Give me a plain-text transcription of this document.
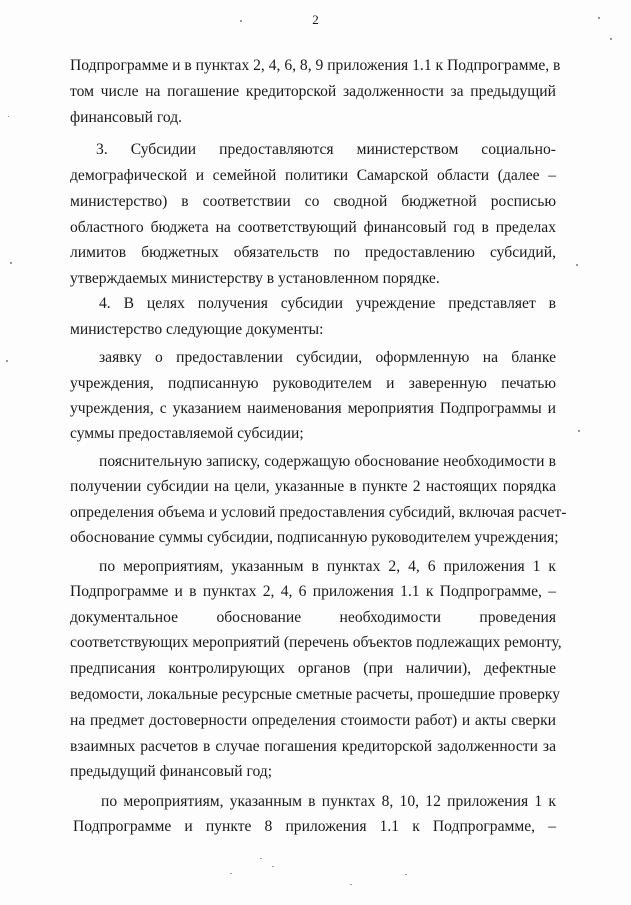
2
Подпрограмме и в пунктах 2, 4, 6, 8, 9 приложения 1.1 к Подпрограмме, в
том числе на погашение кредиторской задолженности за предыдущий
финансовый год.
3. Субсидии предоставляются министерством социально-
демографической и семейной политики Самарской области (далее –
министерство) в соответствии со сводной бюджетной росписью
областного бюджета на соответствующий финансовый год в пределах
лимитов бюджетных обязательств по предоставлению субсидий,
утверждаемых министерству в установленном порядке.
4. В целях получения субсидии учреждение представляет в
министерство следующие документы:
заявку о предоставлении субсидии, оформленную на бланке
учреждения, подписанную руководителем и заверенную печатью
учреждения, с указанием наименования мероприятия Подпрограммы и
суммы предоставляемой субсидии;
пояснительную записку, содержащую обоснование необходимости в
получении субсидии на цели, указанные в пункте 2 настоящих порядка
определения объема и условий предоставления субсидий, включая расчет-
обоснование суммы субсидии, подписанную руководителем учреждения;
по мероприятиям, указанным в пунктах 2, 4, 6 приложения 1 к
Подпрограмме и в пунктах 2, 4, 6 приложения 1.1 к Подпрограмме, –
документальное обоснование необходимости проведения
соответствующих мероприятий (перечень объектов подлежащих ремонту,
предписания контролирующих органов (при наличии), дефектные
ведомости, локальные ресурсные сметные расчеты, прошедшие проверку
на предмет достоверности определения стоимости работ) и акты сверки
взаимных расчетов в случае погашения кредиторской задолженности за
предыдущий финансовый год;
по мероприятиям, указанным в пунктах 8, 10, 12 приложения 1 к
Подпрограмме и пункте 8 приложения 1.1 к Подпрограмме, –
